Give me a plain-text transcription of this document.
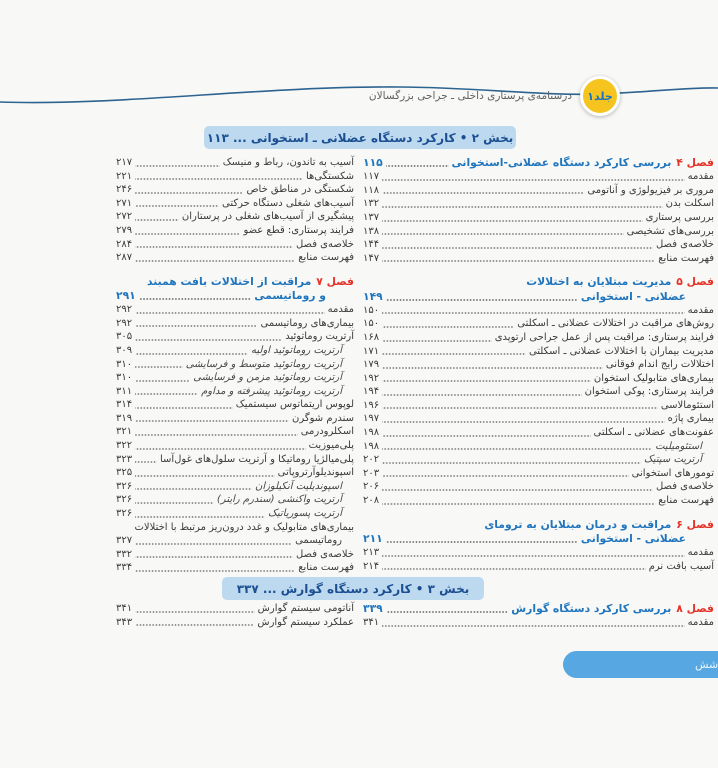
جلد۱
درسنامه‌ی پرستاری داخلی ـ جراحی بزرگسالان
بخش ۲ • کارکرد دستگاه عضلانی ـ استخوانی ... ۱۱۳
بخش ۳ • کارکرد دستگاه گوارش ... ۳۳۷
فصل ۴
بررسی کارکرد دستگاه عضلانی-استخوانی
۱۱۵
مقدمه
۱۱۷
مروری بر فیزیولوژی و آناتومی
۱۱۸
اسکلت بدن
۱۳۲
بررسی پرستاری
۱۳۷
بررسی‌های تشخیصی
۱۳۸
خلاصه‌ی فصل
۱۴۴
فهرست منابع
۱۴۷
فصل ۵
مدیریت مبتلایان به اختلالات
عضلانی - استخوانی
۱۴۹
مقدمه
۱۵۰
روش‌های مراقبت در اختلالات عضلانی ـ اسکلتی
۱۵۰
فرایند پرستاری: مراقبت پس از عمل جراحی ارتوپدی
۱۶۸
مدیریت بیماران با اختلالات عضلانی ـ اسکلتی
۱۷۱
اختلالات رایج اندام فوقانی
۱۷۹
بیماری‌های متابولیک استخوان
۱۹۲
فرایند پرستاری: پوکی استخوان
۱۹۴
استئومالاسی
۱۹۶
بیماری پاژه
۱۹۷
عفونت‌های عضلانی ـ اسکلتی
۱۹۸
استئومیلیت
۱۹۸
آرتریت سپتیک
۲۰۲
تومورهای استخوانی
۲۰۳
خلاصه‌ی فصل
۲۰۶
فهرست منابع
۲۰۸
فصل ۶
مراقبت و درمان مبتلایان به ترومای
عضلانی - استخوانی
۲۱۱
مقدمه
۲۱۳
آسیب بافت نرم
۲۱۴
آسیب به تاندون، رباط و منیسک
۲۱۷
شکستگی‌ها
۲۲۱
شکستگی در مناطق خاص
۲۴۶
آسیب‌های شغلی دستگاه حرکتی
۲۷۱
پیشگیری از آسیب‌های شغلی در پرستاران
۲۷۲
فرایند پرستاری: قطع عضو
۲۷۹
خلاصه‌ی فصل
۲۸۴
فهرست منابع
۲۸۷
فصل ۷
مراقبت از اختلالات بافت همبند
و روماتیسمی
۲۹۱
مقدمه
۲۹۲
بیماری‌های روماتیسمی
۲۹۲
آرتریت روماتوئید
۳۰۵
آرتریت روماتوئید اولیه
۳۰۹
آرتریت روماتوئید متوسط و فرسایشی
۳۱۰
آرتریت روماتوئید مزمن و فرسایشی
۳۱۰
آرتریت روماتوئید پیشرفته و مداوم
۳۱۱
لوپوس اریتماتوس سیستمیک
۳۱۴
سندرم شوگرن
۳۱۹
اسکلرودرمی
۳۲۱
پلی‌میوزیت
۳۲۲
پلی‌میالژیا روماتیکا و آرتریت سلول‌های غول‌آسا
۳۲۳
اسپوندیلوآرتروپاتی
۳۲۵
اسپوندیلیت آنکیلوزان
۳۲۶
آرتریت واکنشی (سندرم رایتر)
۳۲۶
آرتریت پسوریاتیک
۳۲۶
بیماری‌های متابولیک و غدد درون‌ریز مرتبط با اختلالات
روماتیسمی
۳۲۷
خلاصه‌ی فصل
۳۳۲
فهرست منابع
۳۳۴
فصل ۸
بررسی کارکرد دستگاه گوارش
۳۳۹
مقدمه
۳۴۱
آناتومی سیستم گوارش
۳۴۱
عملکرد سیستم گوارش
۳۴۳
شش
